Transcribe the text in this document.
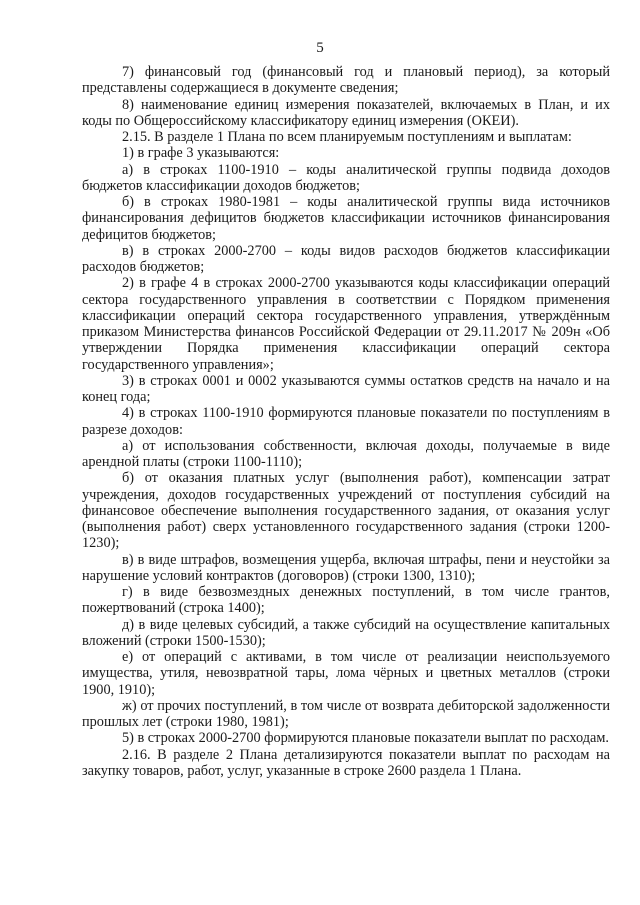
5

7) финансовый год (финансовый год и плановый период), за который представлены содержащиеся в документе сведения;

8) наименование единиц измерения показателей, включаемых в План, и их коды по Общероссийскому классификатору единиц измерения (ОКЕИ).

2.15. В разделе 1 Плана по всем планируемым поступлениям и выплатам:

1) в графе 3 указываются:

а) в строках 1100-1910 – коды аналитической группы подвида доходов бюджетов классификации доходов бюджетов;

б) в строках 1980-1981 – коды аналитической группы вида источников финансирования дефицитов бюджетов классификации источников финансирования дефицитов бюджетов;

в) в строках 2000-2700 – коды видов расходов бюджетов классификации расходов бюджетов;

2) в графе 4 в строках 2000-2700 указываются коды классификации операций сектора государственного управления в соответствии с Порядком применения классификации операций сектора государственного управления, утверждённым приказом Министерства финансов Российской Федерации от 29.11.2017 № 209н «Об утверждении Порядка применения классификации операций сектора государственного управления»;

3) в строках 0001 и 0002 указываются суммы остатков средств на начало и на конец года;

4) в строках 1100-1910 формируются плановые показатели по поступлениям в разрезе доходов:

а) от использования собственности, включая доходы, получаемые в виде арендной платы (строки 1100-1110);

б) от оказания платных услуг (выполнения работ), компенсации затрат учреждения, доходов государственных учреждений от поступления субсидий на финансовое обеспечение выполнения государственного задания, от оказания услуг (выполнения работ) сверх установленного государственного задания (строки 1200-1230);

в) в виде штрафов, возмещения ущерба, включая штрафы, пени и неустойки за нарушение условий контрактов (договоров) (строки 1300, 1310);

г) в виде безвозмездных денежных поступлений, в том числе грантов, пожертвований (строка 1400);

д) в виде целевых субсидий, а также субсидий на осуществление капитальных вложений (строки 1500-1530);

е) от операций с активами, в том числе от реализации неиспользуемого имущества, утиля, невозвратной тары, лома чёрных и цветных металлов (строки 1900, 1910);

ж) от прочих поступлений, в том числе от возврата дебиторской задолженности прошлых лет (строки 1980, 1981);

5) в строках 2000-2700 формируются плановые показатели выплат по расходам.

2.16. В разделе 2 Плана детализируются показатели выплат по расходам на закупку товаров, работ, услуг, указанные в строке 2600 раздела 1 Плана.
